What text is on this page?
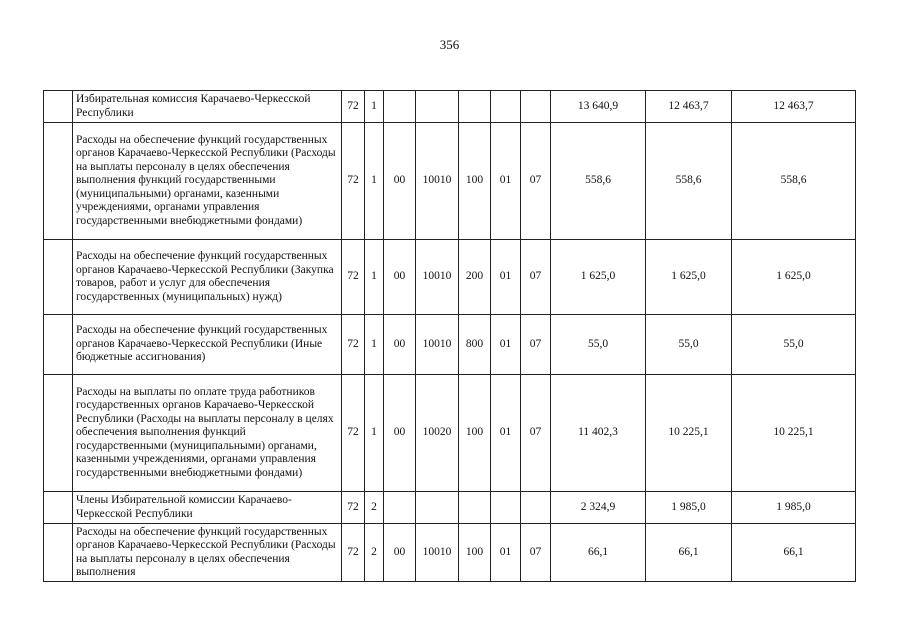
356
	Избирательная комиссия Карачаево-Черкесской Республики	72	1						13 640,9	12 463,7	12 463,7
	Расходы на обеспечение функций государственных органов Карачаево-Черкесской Республики (Расходы на выплаты персоналу в целях обеспечения выполнения функций государственными (муниципальными) органами, казенными учреждениями, органами управления государственными внебюджетными фондами)	72	1	00	10010	100	01	07	558,6	558,6	558,6
	Расходы на обеспечение функций государственных органов Карачаево-Черкесской Республики (Закупка товаров, работ и услуг для обеспечения государственных (муниципальных) нужд)	72	1	00	10010	200	01	07	1 625,0	1 625,0	1 625,0
	Расходы на обеспечение функций государственных органов Карачаево-Черкесской Республики (Иные бюджетные ассигнования)	72	1	00	10010	800	01	07	55,0	55,0	55,0
	Расходы на выплаты по оплате труда работников государственных органов Карачаево-Черкесской Республики (Расходы на выплаты персоналу в целях обеспечения выполнения функций государственными (муниципальными) органами, казенными учреждениями, органами управления государственными внебюджетными фондами)	72	1	00	10020	100	01	07	11 402,3	10 225,1	10 225,1
	Члены Избирательной комиссии Карачаево-Черкесской Республики	72	2						2 324,9	1 985,0	1 985,0
	Расходы на обеспечение функций государственных органов Карачаево-Черкесской Республики (Расходы на выплаты персоналу в целях обеспечения выполнения	72	2	00	10010	100	01	07	66,1	66,1	66,1
